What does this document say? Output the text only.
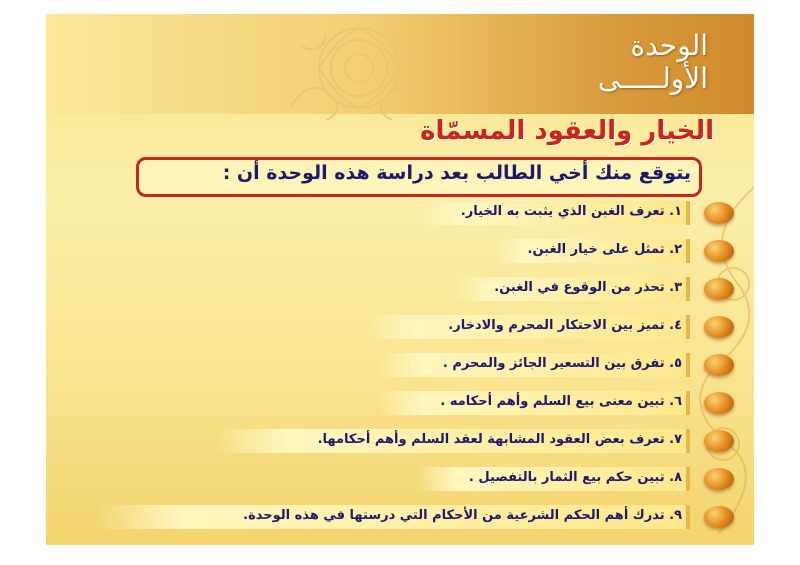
الوحدة
الأولـــــى
الخيار والعقود المسمّاة
يتوقع منك أخي الطالب بعد دراسة هذه الوحدة أن :
١. تعرف الغبن الذي يثبت به الخيار.
٢. تمثل على خيار الغبن.
٣. تحذر من الوقوع في الغبن.
٤. تميز بين الاحتكار المحرم والادخار.
٥. تفرق بين التسعير الجائز والمحرم .
٦. تبين معنى بيع السلم وأهم أحكامه .
٧. تعرف بعض العقود المشابهة لعقد السلم وأهم أحكامها.
٨. تبين حكم بيع الثمار بالتفصيل .
٩. تدرك أهم الحكم الشرعية من الأحكام التي درستها في هذه الوحدة.
